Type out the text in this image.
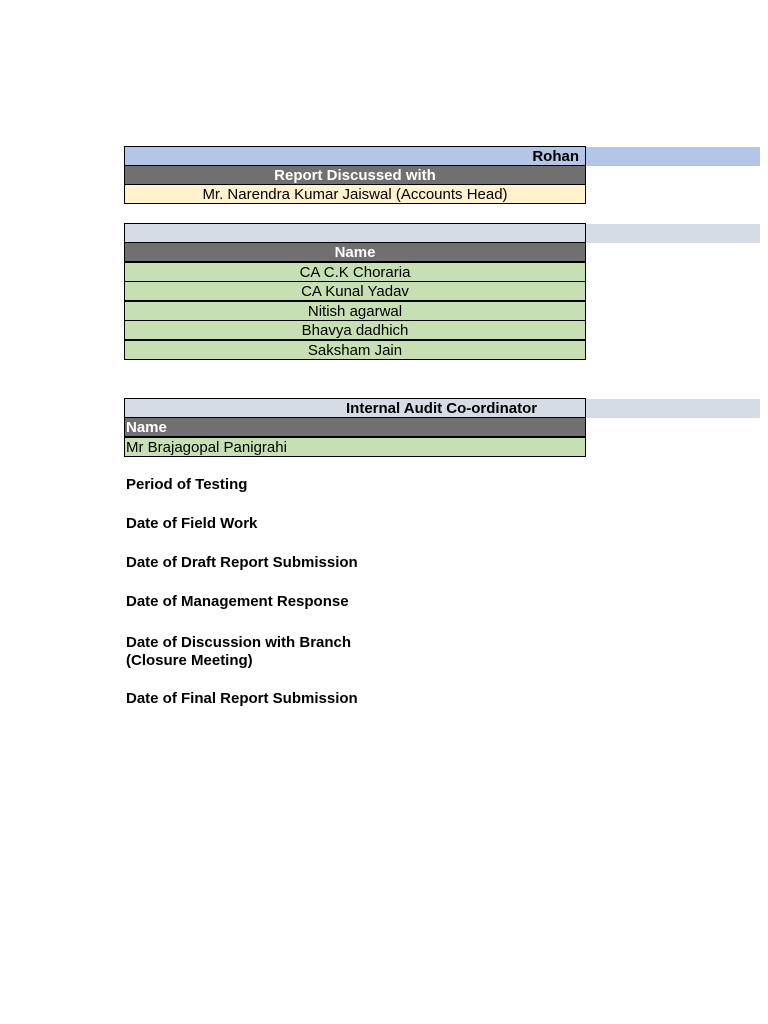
Rohan
Report Discussed with
Mr. Narendra Kumar Jaiswal (Accounts Head)
Name
CA C.K Choraria
CA Kunal Yadav
Nitish agarwal
Bhavya dadhich
Saksham Jain
Internal Audit Co-ordinator
Name
Mr Brajagopal Panigrahi
Period of Testing
Date of Field Work
Date of Draft Report Submission
Date of Management Response
Date of Discussion with Branch
(Closure Meeting)
Date of Final Report Submission
